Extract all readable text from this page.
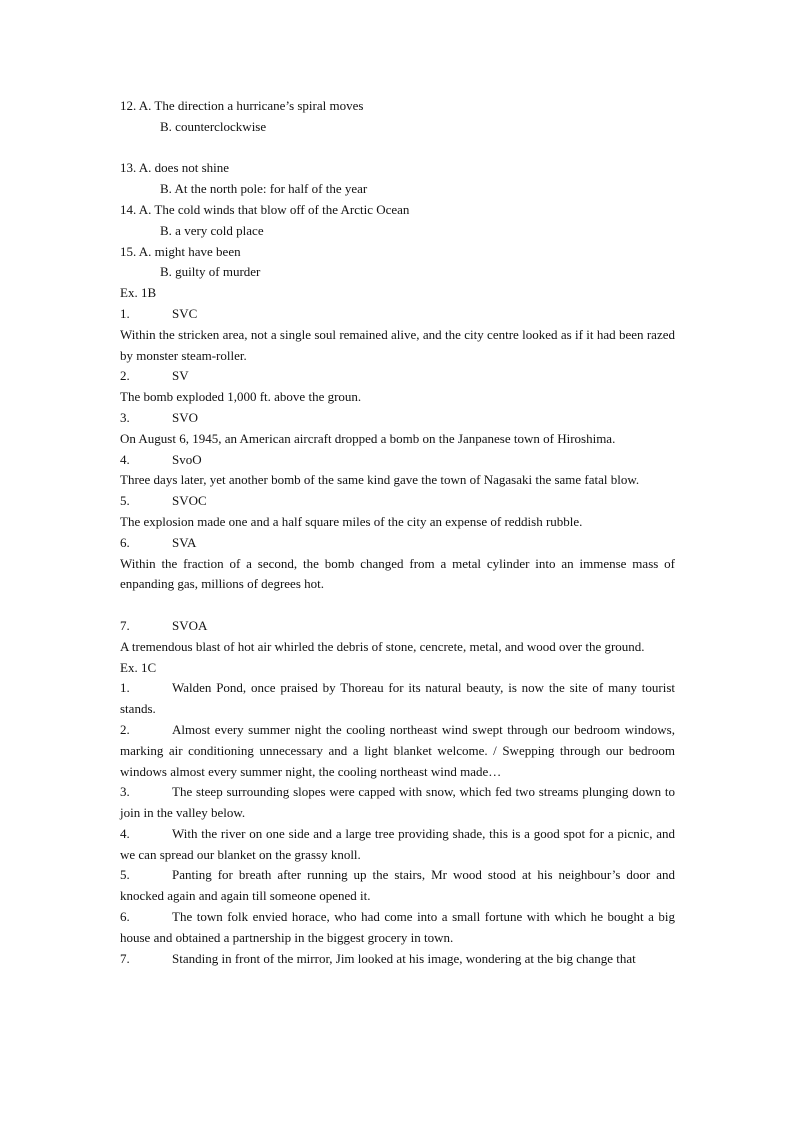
12. A. The direction a hurricane’s spiral moves
B. counterclockwise
13. A. does not shine
B. At the north pole: for half of the year
14. A. The cold winds that blow off of the Arctic Ocean
B. a very cold place
15. A. might have been
B. guilty of murder
Ex. 1B
1.	SVC
Within the stricken area, not a single soul remained alive, and the city centre looked as if it had been razed by monster steam-roller.
2.	SV
The bomb exploded 1,000 ft. above the groun.
3.	SVO
On August 6, 1945, an American aircraft dropped a bomb on the Janpanese town of Hiroshima.
4.	SvoO
Three days later, yet another bomb of the same kind gave the town of Nagasaki the same fatal blow.
5.	SVOC
The explosion made one and a half square miles of the city an expense of reddish rubble.
6.	SVA
Within the fraction of a second, the bomb changed from a metal cylinder into an immense mass of enpanding gas, millions of degrees hot.
7.	SVOA
A tremendous blast of hot air whirled the debris of stone, cencrete, metal, and wood over the ground.
Ex. 1C
1.	Walden Pond, once praised by Thoreau for its natural beauty, is now the site of many tourist stands.
2.	Almost every summer night the cooling northeast wind swept through our bedroom windows, marking air conditioning unnecessary and a light blanket welcome. / Swepping through our bedroom windows almost every summer night, the cooling northeast wind made…
3.	The steep surrounding slopes were capped with snow, which fed two streams plunging down to join in the valley below.
4.	With the river on one side and a large tree providing shade, this is a good spot for a picnic, and we can spread our blanket on the grassy knoll.
5.	Panting for breath after running up the stairs, Mr wood stood at his neighbour’s door and knocked again and again till someone opened it.
6.	The town folk envied horace, who had come into a small fortune with which he bought a big house and obtained a partnership in the biggest grocery in town.
7.	Standing in front of the mirror, Jim looked at his image, wondering at the big change that
